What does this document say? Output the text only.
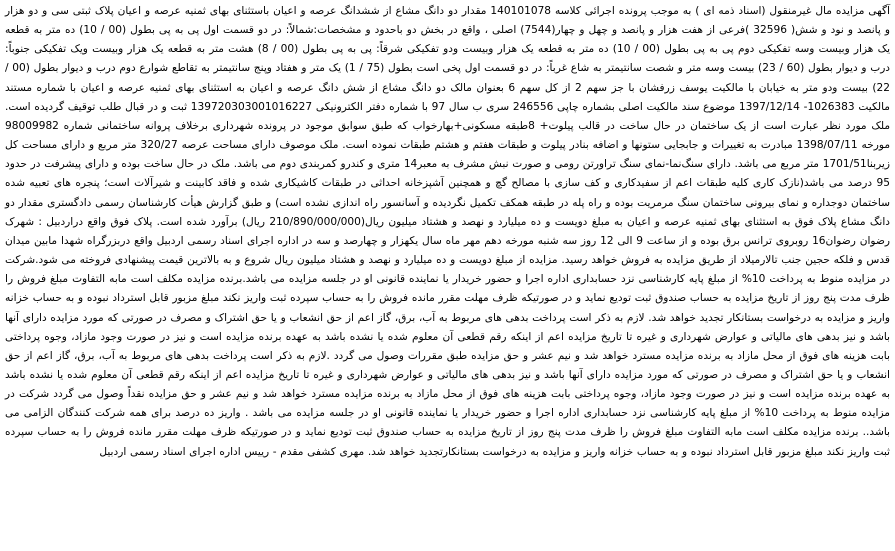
آگهی مزایده مال غیرمنقول (اسناد ذمه ای ) به موجب پرونده اجرائی کلاسه 140101078 مقدار دو دانگ مشاع از ششدانگ عرصه و اعیان باستثنای بهای ثمنیه عرصه و اعیان پلاک ثبتی سی و دو هزار و پانصد و نود و شش( 32596 )فرعی از هفت هزار و پانصد و چهل و چهار(7544) اصلی ، واقع در بخش دو باحدود و مشخصات:شمالاً: در دو قسمت اول پی به پی بطول (00 / 10) ده متر به قطعه یک هزار وبیست وسه تفکیکی دوم پی به پی بطول (00 / 10) ده متر به قطعه یک هزار وبیست ودو تفکیکی شرقاً: پی به پی بطول (00 / 8) هشت متر به قطعه یک هزار وبیست ویک تفکیکی جنوباً: درب و دیوار بطول (60 / 23) بیست وسه متر و شصت سانتیمتر به شاع غرباً: در دو قسمت اول پخی است بطول (75 / 1) یک متر و هفتاد وپنج سانتیمتر به تقاطع شوارع دوم درب و دیوار بطول (00 / 22) بیست ودو متر به خیابان با مالکیت یوسف زرفشان با جز سهم 2 از کل سهم 6 بعنوان مالک دو دانگ مشاع از شش دانگ عرصه و اعیان به استثنای بهای ثمنیه عرصه و اعیان با شماره مستند مالکیت 1026383- 1397/12/14 موضوع سند مالکیت اصلی بشماره چاپی 246556 سری ب سال 97 با شماره دفتر الکترونیکی 139720303001016227 ثبت و در قبال طلب توقیف گردیده است. ملک مورد نظر عبارت است از یک ساختمان در حال ساخت در قالب پیلوت+ 8طبقه مسکونی+بهارخواب که طبق سوابق موجود در پرونده شهرداری برخلاف پروانه ساختمانی شماره 98009982 مورخه 1398/07/11 مبادرت به تغییرات و جابجایی ستونها و اضافه بنادر پیلوت و طبقات هفتم و هشتم طبقات نموده است. ملک موصوف دارای مساحت عرصه 320/27 متر مربع و دارای مساحت کل زیربنا1701/51 متر مربع می باشد. دارای سنگ‌نما-نمای سنگ تراورتن رومی و صورت نبش مشرف به معبر14 متری و کندرو کمربندی دوم می باشد. ملک در حال ساخت بوده و دارای پیشرفت در حدود 95 درصد می باشد(نازک کاری کلیه طبقات اعم از سفیدکاری و کف سازی با مصالح گچ و همچنین آشپزخانه احداثی در طبقات کاشیکاری شده و فاقد کابینت و شیرآلات است؛ پنجره های تعبیه شده ساختمان دوجداره و نمای بیرونی ساختمان سنگ مرمریت بوده و راه پله در طبقه همکف تکمیل نگردیده و آسانسور راه اندازی نشده است) و طبق گزارش هیأت کارشناسان رسمی دادگستری مقدار دو دانگ مشاع پلاک فوق به استثنای بهای ثمنیه عرصه و اعیان به مبلغ دویست و ده میلیارد و نهصد و هشتاد میلیون ریال(210/890/000/000 ریال) برآورد شده است. پلاک فوق واقع دراردبیل : شهرک رضوان رضوان16 روبروی ترانس برق بوده و از ساعت 9 الی 12 روز سه شنبه مورخه دهم مهر ماه سال یکهزار و چهارصد و سه در اداره اجرای اسناد رسمی اردبیل واقع دربزرگراه شهدا مابین میدان قدس و فلکه حجین جنب تالارمیلاد از طریق مزایده به فروش خواهد رسید. مزایده از مبلغ دویست و ده میلیارد و نهصد و هشتاد میلیون ریال شروع و به بالاترین قیمت پیشنهادی فروخته می شود.شرکت در مزایده منوط به پرداخت 10% از مبلغ پایه کارشناسی نزد حسابداری اداره اجرا و حضور خریدار یا نماینده قانونی او در جلسه مزایده می باشد.برنده مزایده مکلف است مابه التفاوت مبلغ فروش را ظرف مدت پنج روز از تاریخ مزایده به حساب صندوق ثبت تودیع نماید و در صورتیکه ظرف مهلت مقرر مانده فروش را به حساب سپرده ثبت واریز نکند مبلغ مزبور قابل استرداد نبوده و به حساب خزانه واریز و مزایده به درخواست بستانکار تجدید خواهد شد. لازم به ذکر است پرداخت بدهی های مربوط به آب، برق، گاز اعم از حق انشعاب و یا حق اشتراک و مصرف در صورتی که مورد مزایده دارای آنها باشد و نیز بدهی های مالیاتی و عوارض شهرداری و غیره تا تاریخ مزایده اعم از اینکه رقم قطعی آن معلوم شده یا نشده باشد به عهده برنده مزایده است و نیز در صورت وجود مازاد، وجوه پرداختی بابت هزینه های فوق از محل مازاد به برنده مزایده مسترد خواهد شد و نیم عشر و حق مزایده طبق مقررات وصول می گردد .لازم به ذکر است پرداخت بدهی های مربوط به آب، برق، گاز اعم از حق انشعاب و یا حق اشتراک و مصرف در صورتی که مورد مزایده دارای آنها باشد و نیز بدهی های مالیاتی و عوارض شهرداری و غیره تا تاریخ مزایده اعم از اینکه رقم قطعی آن معلوم شده یا نشده باشد به عهده برنده مزایده است و نیز در صورت وجود مازاد، وجوه پرداختی بابت هزینه های فوق از محل مازاد به برنده مزایده مسترد خواهد شد و نیم عشر و حق مزایده نقداً وصول می گردد شرکت در مزایده منوط به پرداخت 10% از مبلغ پایه کارشناسی نزد حسابداری اداره اجرا و حضور خریدار یا نماینده قانونی او در جلسه مزایده می باشد . واریز ده درصد برای همه شرکت کنندگان الزامی می باشد.. برنده مزایده مکلف است مابه التفاوت مبلغ فروش را ظرف مدت پنج روز از تاریخ مزایده به حساب صندوق ثبت تودیع نماید و در صورتیکه ظرف مهلت مقرر مانده فروش را به حساب سپرده ثبت واریز نکند مبلغ مزبور قابل استرداد نبوده و به حساب خزانه واریز و مزایده به درخواست بستانکارتجدید خواهد شد. مهری کشفی مقدم - رییس اداره اجرای اسناد رسمی اردبیل
